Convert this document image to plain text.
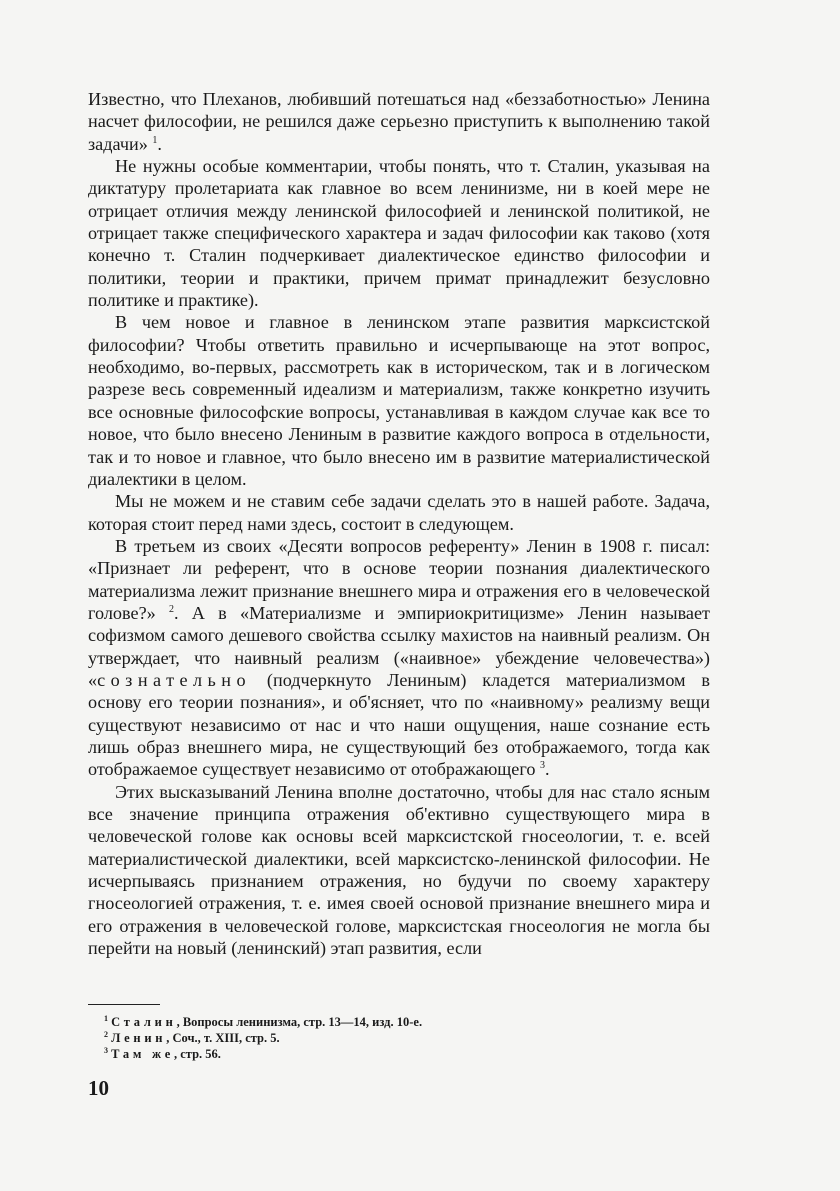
Известно, что Плеханов, любивший потешаться над «беззаботностью» Ленина насчет философии, не решился даже серьезно приступить к выполнению такой задачи» $^1$.

Не нужны особые комментарии, чтобы понять, что т. Сталин, указывая на диктатуру пролетариата как главное во всем ленинизме, ни в коей мере не отрицает отличия между ленинской философией и ленинской политикой, не отрицает также специфического характера и задач философии как таково (хотя конечно т. Сталин подчеркивает диалектическое единство философии и политики, теории и практики, причем примат принадлежит безусловно политике и практике).

В чем новое и главное в ленинском этапе развития марксистской философии? Чтобы ответить правильно и исчерпывающе на этот вопрос, необходимо, во-первых, рассмотреть как в историческом, так и в логическом разрезе весь современный идеализм и материализм, также конкретно изучить все основные философские вопросы, устанавливая в каждом случае как все то новое, что было внесено Лениным в развитие каждого вопроса в отдельности, так и то новое и главное, что было внесено им в развитие материалистической диалектики в целом.

Мы не можем и не ставим себе задачи сделать это в нашей работе. Задача, которая стоит перед нами здесь, состоит в следующем.

В третьем из своих «Десяти вопросов референту» Ленин в 1908 г. писал: «Признает ли референт, что в основе теории познания диалектического материализма лежит признание внешнего мира и отражения его в человеческой голове?» $^2$. А в «Материализме и эмпириокритицизме» Ленин называет софизмом самого дешевого свойства ссылку махистов на наивный реализм. Он утверждает, что наивный реализм («наивное» убеждение человечества») «сознательно (подчеркнуто Лениным) кладется материализмом в основу его теории познания», и об'ясняет, что по «наивному» реализму вещи существуют независимо от нас и что наши ощущения, наше сознание есть лишь образ внешнего мира, не существующий без отображаемого, тогда как отображаемое существует независимо от отображающего $^3$.

Этих высказываний Ленина вполне достаточно, чтобы для нас стало ясным все значение принципа отражения об'ективно существующего мира в человеческой голове как основы всей марксистской гносеологии, т. е. всей материалистической диалектики, всей марксистско-ленинской философии. Не исчерпываясь признанием отражения, но будучи по своему характеру гносеологией отражения, т. е. имея своей основой признание внешнего мира и его отражения в человеческой голове, марксистская гносеология не могла бы перейти на новый (ленинский) этап развития, если

$^1$ Сталин, Вопросы ленинизма, стр. 13—14, изд. 10-е.

$^2$ Ленин, Соч., т. XIII, стр. 5.

$^3$ Там же, стр. 56.

10
